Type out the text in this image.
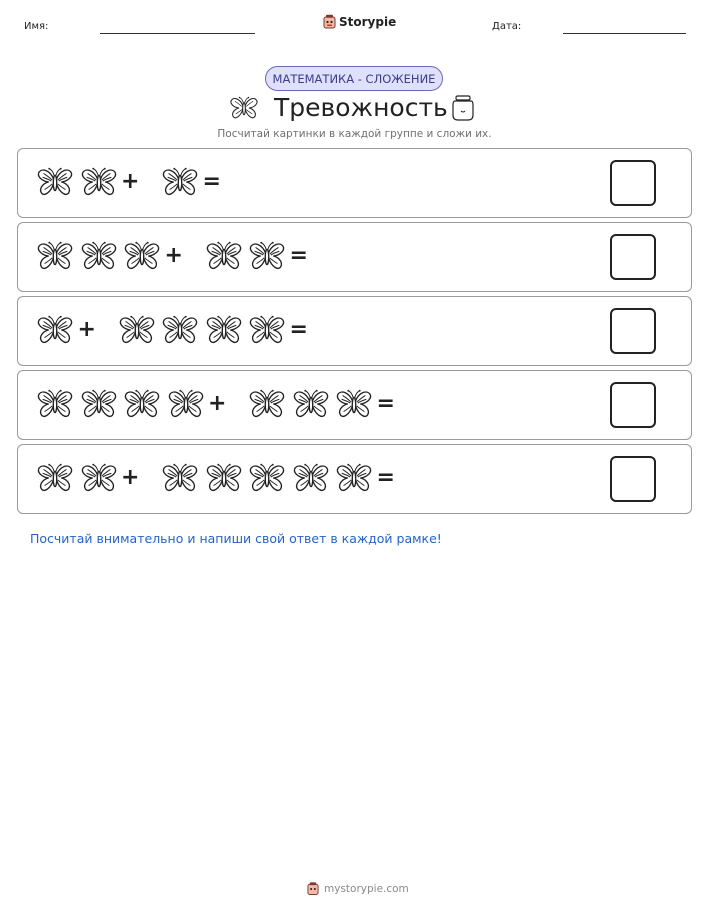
Имя:	Storypie	Дата:
МАТЕМАТИКА - СЛОЖЕНИЕ
Тревожность
Посчитай картинки в каждой группе и сложи их.
+	=
+	=
+	=
+	=
+	=
Посчитай внимательно и напиши свой ответ в каждой рамке!
mystorypie.com
